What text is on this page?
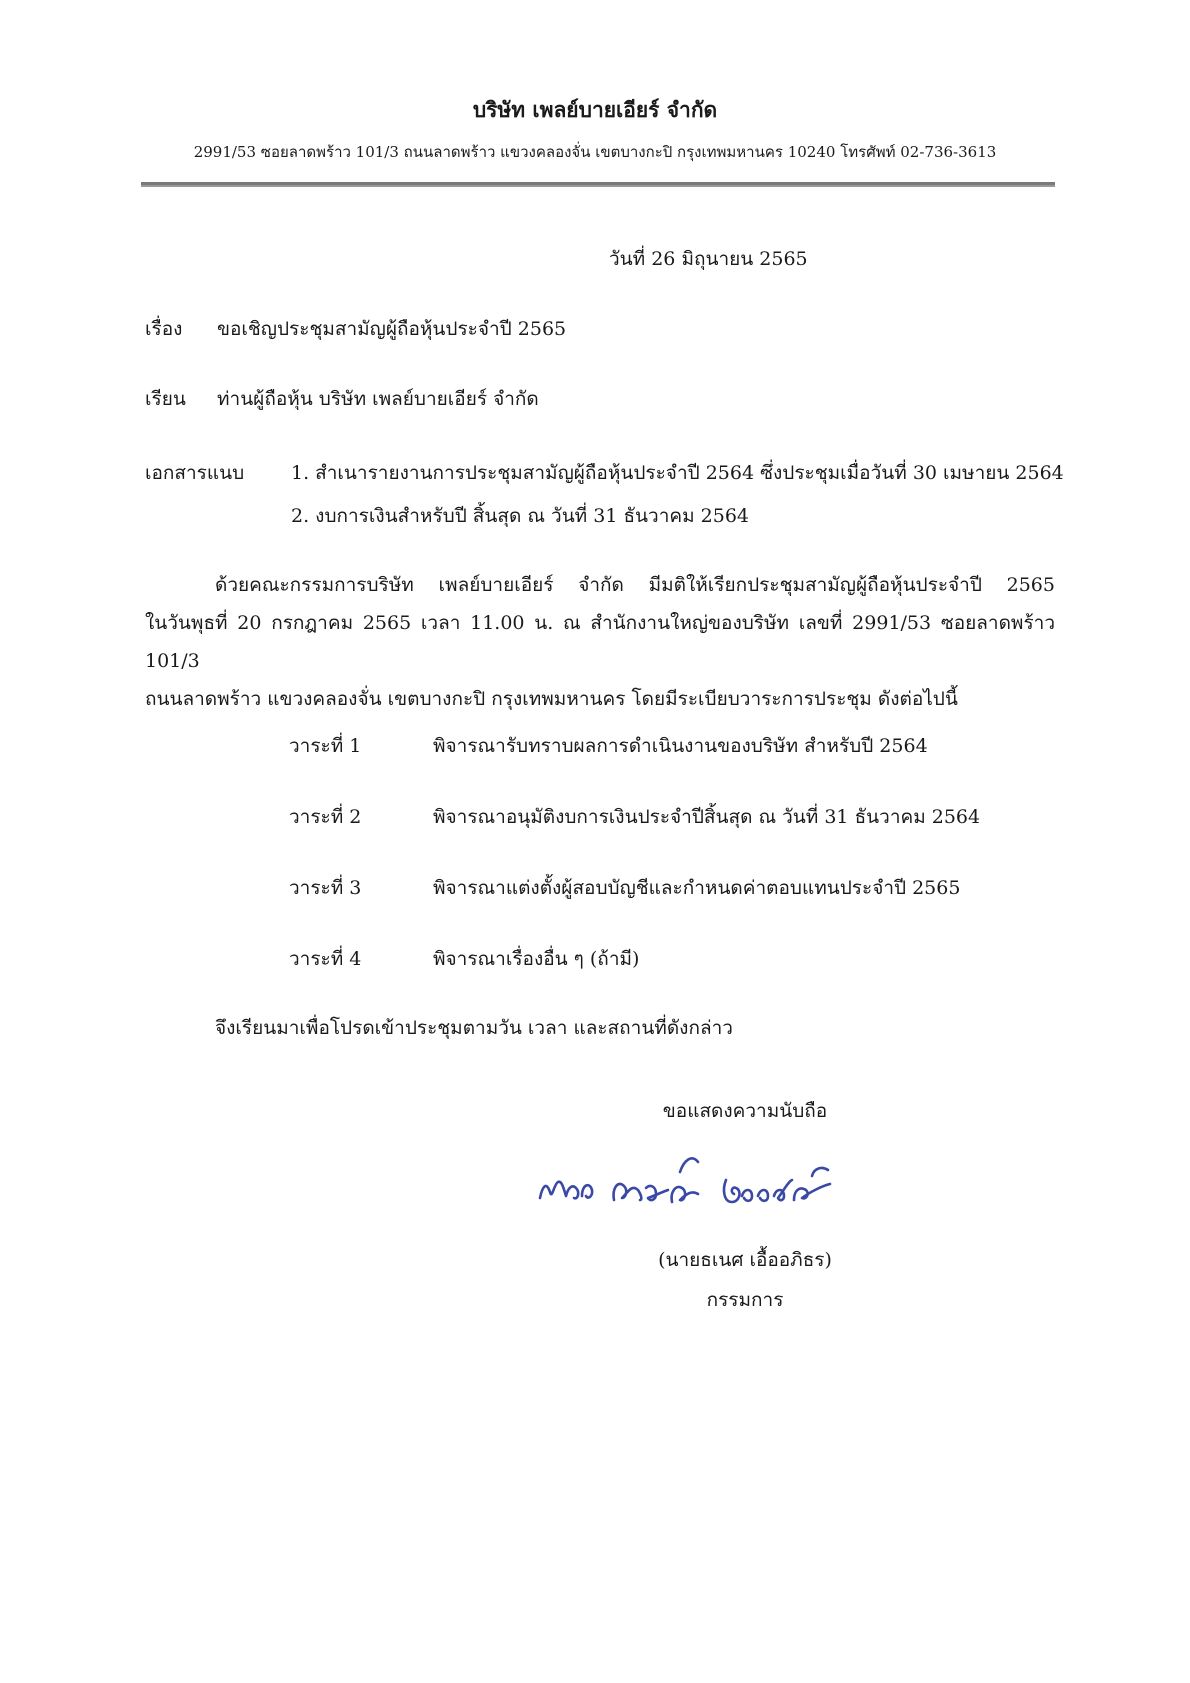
บริษัท เพลย์บายเอียร์ จำกัด
2991/53 ซอยลาดพร้าว 101/3 ถนนลาดพร้าว แขวงคลองจั่น เขตบางกะปิ กรุงเทพมหานคร 10240 โทรศัพท์ 02-736-3613
วันที่ 26 มิถุนายน 2565
เรื่อง ขอเชิญประชุมสามัญผู้ถือหุ้นประจำปี 2565
เรียน ท่านผู้ถือหุ้น บริษัท เพลย์บายเอียร์ จำกัด
เอกสารแนบ 1. สำเนารายงานการประชุมสามัญผู้ถือหุ้นประจำปี 2564 ซึ่งประชุมเมื่อวันที่ 30 เมษายน 2564
2. งบการเงินสำหรับปี สิ้นสุด ณ วันที่ 31 ธันวาคม 2564
ด้วยคณะกรรมการบริษัท เพลย์บายเอียร์ จำกัด มีมติให้เรียกประชุมสามัญผู้ถือหุ้นประจำปี 2565
ในวันพุธที่ 20 กรกฎาคม 2565 เวลา 11.00 น. ณ สำนักงานใหญ่ของบริษัท เลขที่ 2991/53 ซอยลาดพร้าว 101/3
ถนนลาดพร้าว แขวงคลองจั่น เขตบางกะปิ กรุงเทพมหานคร โดยมีระเบียบวาระการประชุม ดังต่อไปนี้
วาระที่ 1	พิจารณารับทราบผลการดำเนินงานของบริษัท สำหรับปี 2564
วาระที่ 2	พิจารณาอนุมัติงบการเงินประจำปีสิ้นสุด ณ วันที่ 31 ธันวาคม 2564
วาระที่ 3	พิจารณาแต่งตั้งผู้สอบบัญชีและกำหนดค่าตอบแทนประจำปี 2565
วาระที่ 4	พิจารณาเรื่องอื่น ๆ (ถ้ามี)
จึงเรียนมาเพื่อโปรดเข้าประชุมตามวัน เวลา และสถานที่ดังกล่าว
ขอแสดงความนับถือ
(นายธเนศ เอื้ออภิธร)
กรรมการ
